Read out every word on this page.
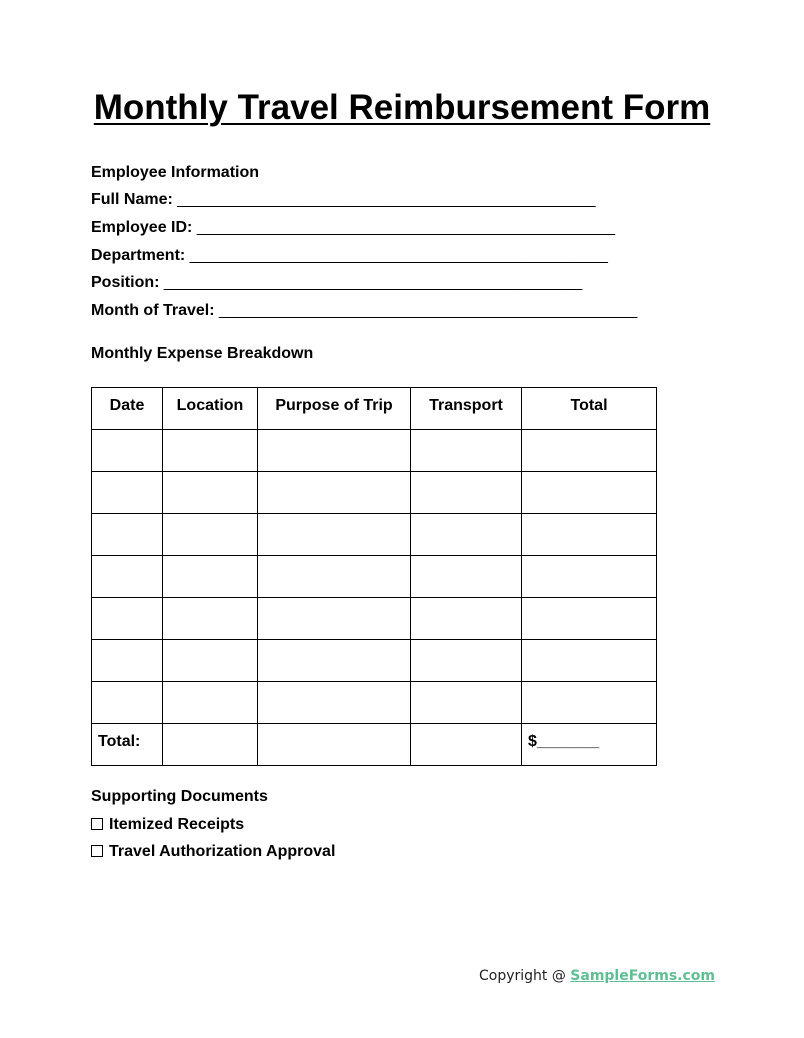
Monthly Travel Reimbursement Form
Employee Information
Full Name: _______________________________________________
Employee ID: _______________________________________________
Department: _______________________________________________
Position: _______________________________________________
Month of Travel: _______________________________________________
Monthly Expense Breakdown
Date	Location	Purpose of Trip	Transport	Total

Total:				$_______
Supporting Documents
Itemized Receipts
Travel Authorization Approval
Copyright @ SampleForms.com
